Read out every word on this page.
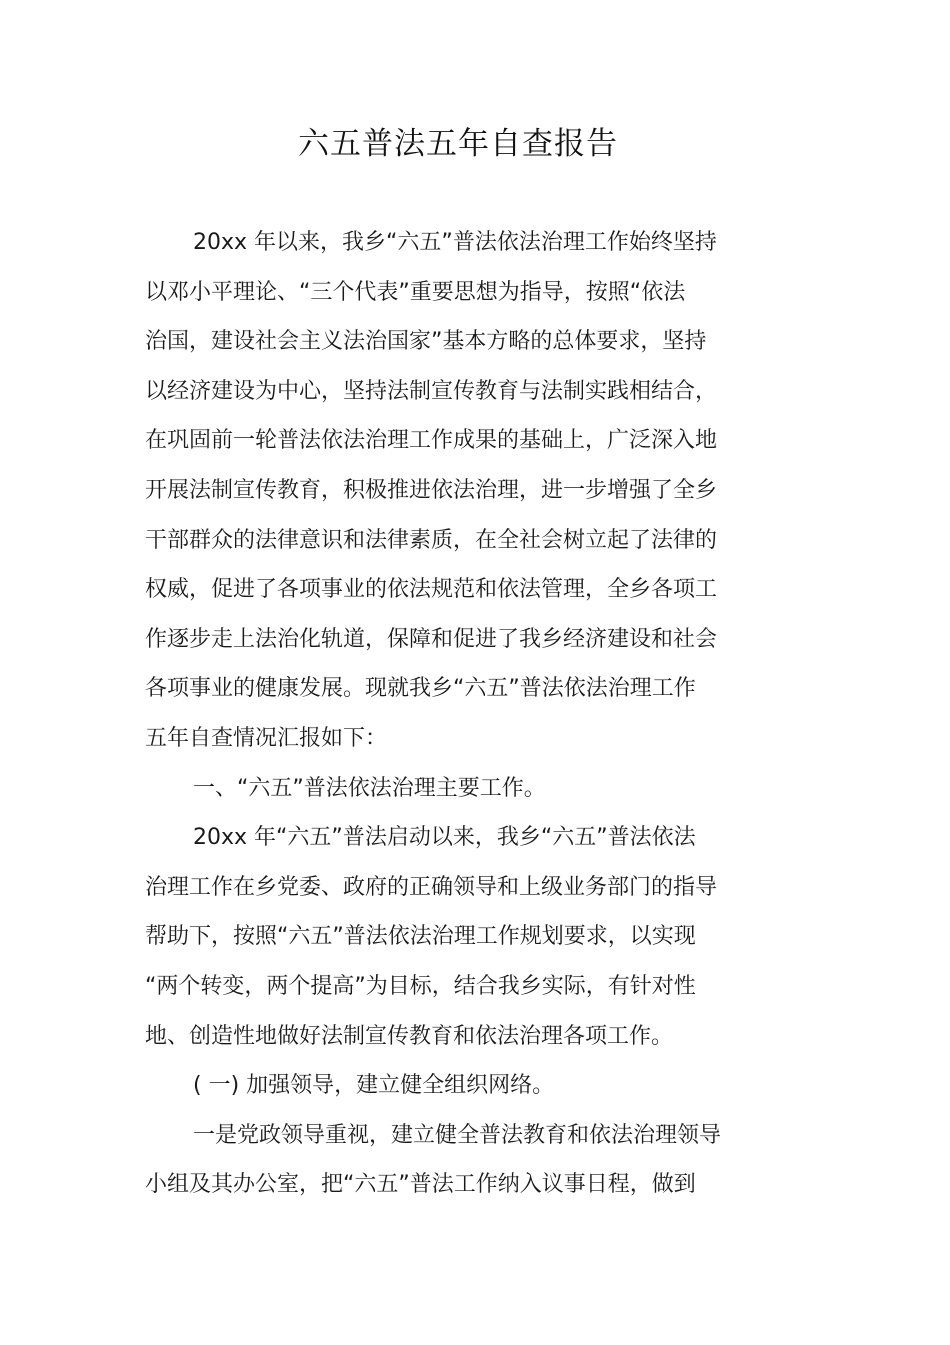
六五普法五年自查报告
20xx 年以来，我乡“六五”普法依法治理工作始终坚持
以邓小平理论、“三个代表”重要思想为指导，按照“依法
治国，建设社会主义法治国家”基本方略的总体要求，坚持
以经济建设为中心，坚持法制宣传教育与法制实践相结合，
在巩固前一轮普法依法治理工作成果的基础上，广泛深入地
开展法制宣传教育，积极推进依法治理，进一步增强了全乡
干部群众的法律意识和法律素质，在全社会树立起了法律的
权威，促进了各项事业的依法规范和依法管理，全乡各项工
作逐步走上法治化轨道，保障和促进了我乡经济建设和社会
各项事业的健康发展。现就我乡“六五”普法依法治理工作
五年自查情况汇报如下：
一、“六五”普法依法治理主要工作。
20xx 年“六五”普法启动以来，我乡“六五”普法依法
治理工作在乡党委、政府的正确领导和上级业务部门的指导
帮助下，按照“六五”普法依法治理工作规划要求，以实现
“两个转变，两个提高”为目标，结合我乡实际，有针对性
地、创造性地做好法制宣传教育和依法治理各项工作。
( 一) 加强领导，建立健全组织网络。
一是党政领导重视，建立健全普法教育和依法治理领导
小组及其办公室，把“六五”普法工作纳入议事日程，做到
